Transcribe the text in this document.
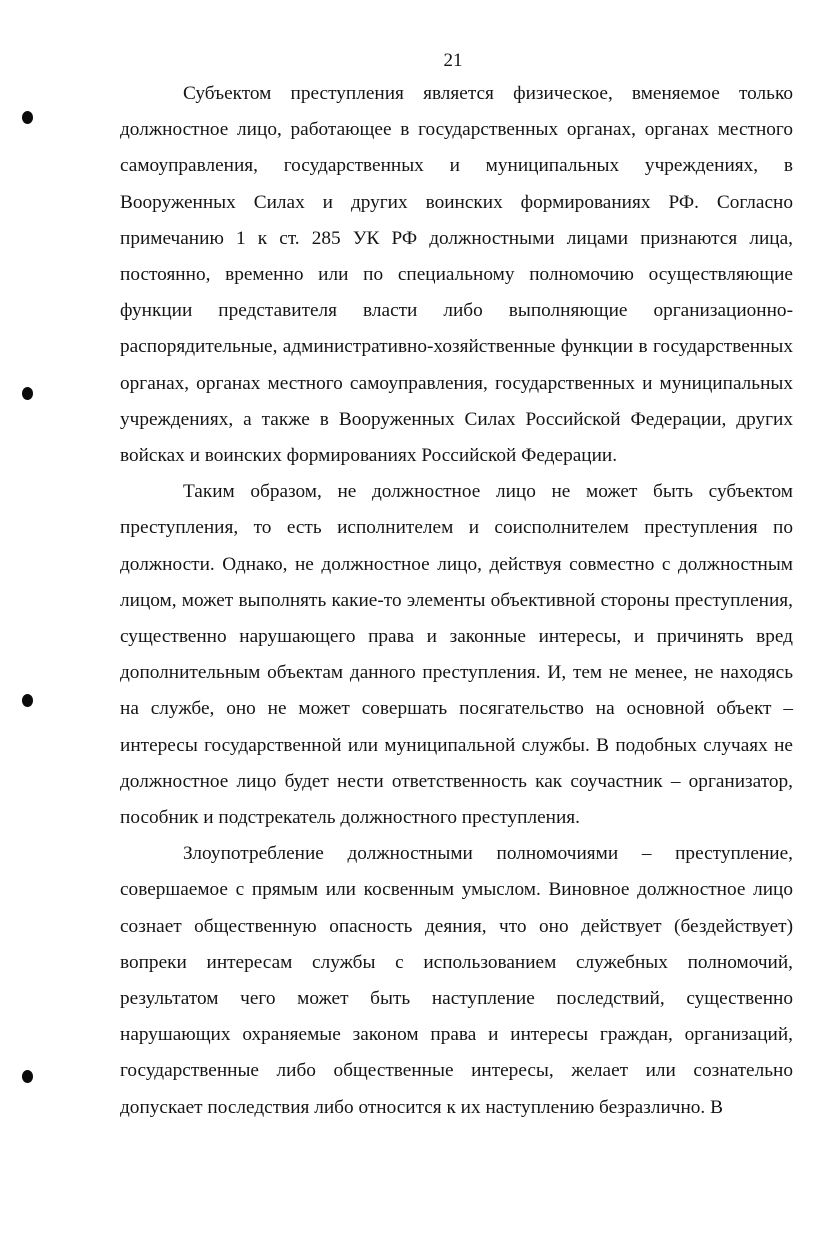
21

Субъектом преступления является физическое, вменяемое только должностное лицо, работающее в государственных органах, органах местного самоуправления, государственных и муниципальных учреждениях, в Вооруженных Силах и других воинских формированиях РФ. Согласно примечанию 1 к ст. 285 УК РФ должностными лицами признаются лица, постоянно, временно или по специальному полномочию осуществляющие функции представителя власти либо выполняющие организационно-распорядительные, административно-хозяйственные функции в государственных органах, органах местного самоуправления, государственных и муниципальных учреждениях, а также в Вооруженных Силах Российской Федерации, других войсках и воинских формированиях Российской Федерации.

Таким образом, не должностное лицо не может быть субъектом преступления, то есть исполнителем и соисполнителем преступления по должности. Однако, не должностное лицо, действуя совместно с должностным лицом, может выполнять какие-то элементы объективной стороны преступления, существенно нарушающего права и законные интересы, и причинять вред дополнительным объектам данного преступления. И, тем не менее, не находясь на службе, оно не может совершать посягательство на основной объект – интересы государственной или муниципальной службы. В подобных случаях не должностное лицо будет нести ответственность как соучастник – организатор, пособник и подстрекатель должностного преступления.

Злоупотребление должностными полномочиями – преступление, совершаемое с прямым или косвенным умыслом. Виновное должностное лицо сознает общественную опасность деяния, что оно действует (бездействует) вопреки интересам службы с использованием служебных полномочий, результатом чего может быть наступление последствий, существенно нарушающих охраняемые законом права и интересы граждан, организаций, государственные либо общественные интересы, желает или сознательно допускает последствия либо относится к их наступлению безразлично. В
